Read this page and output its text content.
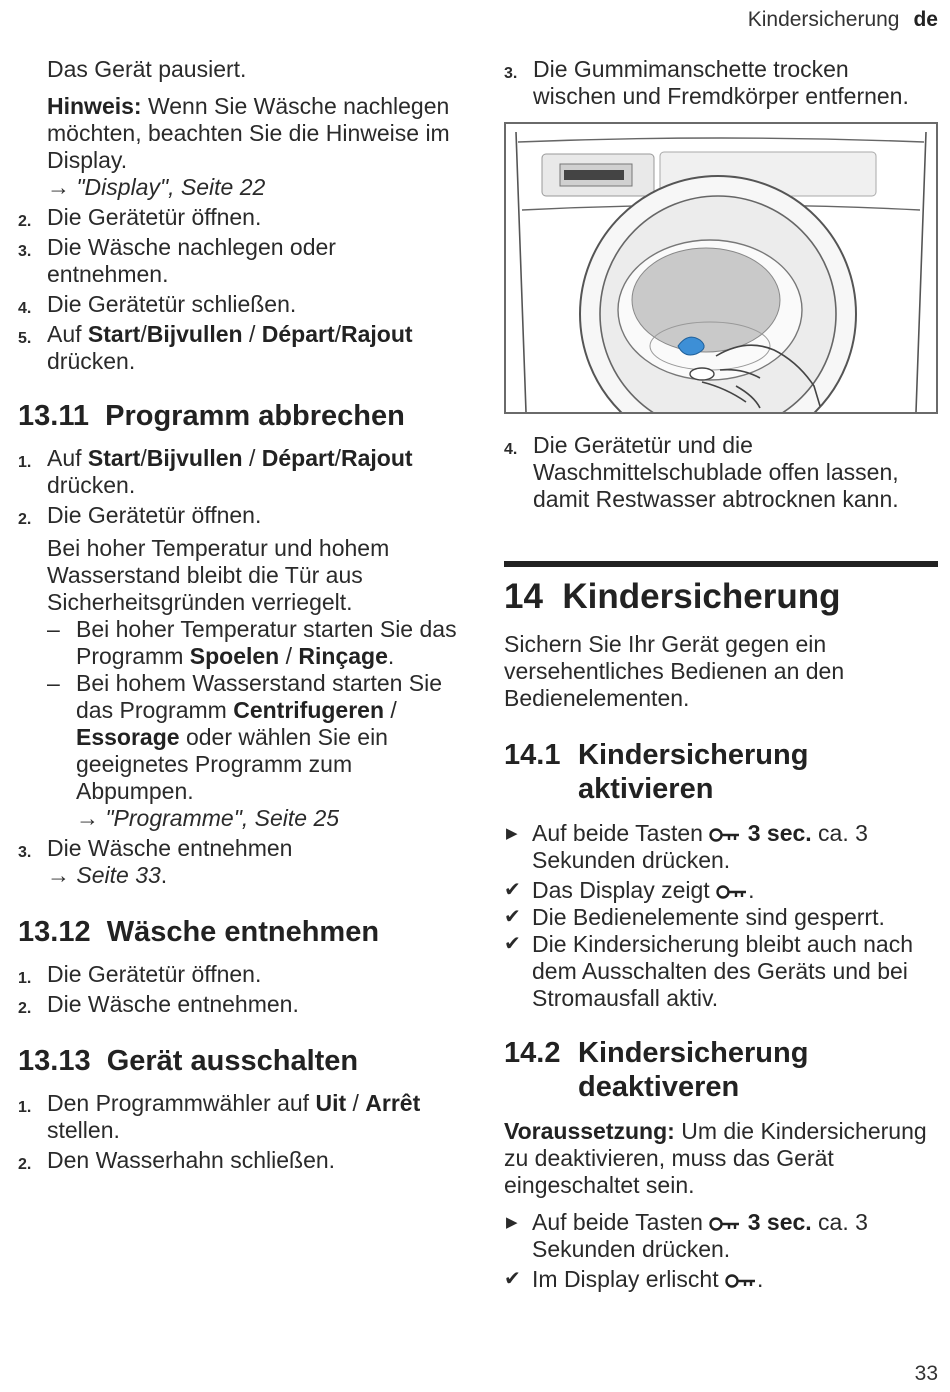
Kindersicherung de
Das Gerät pausiert.
Hinweis: Wenn Sie Wäsche nachlegen möchten, beachten Sie die Hinweise im Display.
→ "Display", Seite 22
2. Die Gerätetür öffnen.
3. Die Wäsche nachlegen oder entnehmen.
4. Die Gerätetür schließen.
5. Auf Start/Bijvullen / Départ/Rajout drücken.
13.11 Programm abbrechen
1. Auf Start/Bijvullen / Départ/Rajout drücken.
2. Die Gerätetür öffnen.
Bei hoher Temperatur und hohem Wasserstand bleibt die Tür aus Sicherheitsgründen verriegelt.
– Bei hoher Temperatur starten Sie das Programm Spoelen / Rinçage.
– Bei hohem Wasserstand starten Sie das Programm Centrifugeren / Essorage oder wählen Sie ein geeignetes Programm zum Abpumpen.
→ "Programme", Seite 25
3. Die Wäsche entnehmen
→ Seite 33.
13.12 Wäsche entnehmen
1. Die Gerätetür öffnen.
2. Die Wäsche entnehmen.
13.13 Gerät ausschalten
1. Den Programmwähler auf Uit / Arrêt stellen.
2. Den Wasserhahn schließen.
3. Die Gummimanschette trocken wischen und Fremdkörper entfernen.
4. Die Gerätetür und die Waschmittelschublade offen lassen, damit Restwasser abtrocknen kann.
14 Kindersicherung
Sichern Sie Ihr Gerät gegen ein versehentliches Bedienen an den Bedienelementen.
14.1 Kindersicherung aktivieren
▶ Auf beide Tasten  3 sec. ca. 3 Sekunden drücken.
✔ Das Display zeigt .
✔ Die Bedienelemente sind gesperrt.
✔ Die Kindersicherung bleibt auch nach dem Ausschalten des Geräts und bei Stromausfall aktiv.
14.2 Kindersicherung deaktiveren
Voraussetzung: Um die Kindersicherung zu deaktivieren, muss das Gerät eingeschaltet sein.
▶ Auf beide Tasten  3 sec. ca. 3 Sekunden drücken.
✔ Im Display erlischt .
33
